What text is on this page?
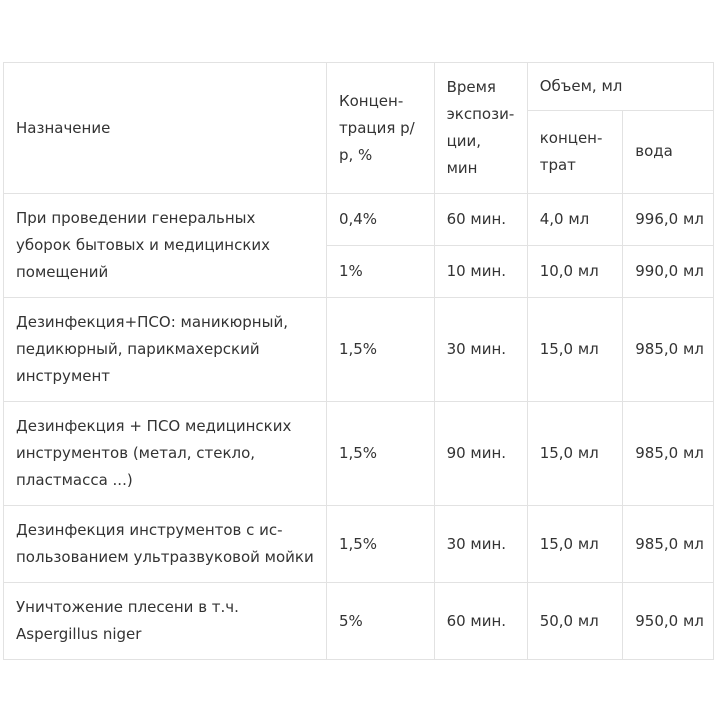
Назначение	Концен-
трация р/
р, %	Время
экспози-
ции, мин	Объем, мл	
			концен-
трат	вода
При проведении генеральных уборок бытовых и медицинских помещений	0,4%	60 мин.	4,0 мл	996,0 мл
	1%	10 мин.	10,0 мл	990,0 мл
Дезинфекция+ПСО: маникюрный, педикюрный, парикмахерский инструмент	1,5%	30 мин.	15,0 мл	985,0 мл
Дезинфекция + ПСО медицинских инструментов (метал, стекло, пластмасса ...)	1,5%	90 мин.	15,0 мл	985,0 мл
Дезинфекция инструментов с ис-
пользованием ультразвуковой мойки	1,5%	30 мин.	15,0 мл	985,0 мл
Уничтожение плесени в т.ч. Aspergillus niger	5%	60 мин.	50,0 мл	950,0 мл
